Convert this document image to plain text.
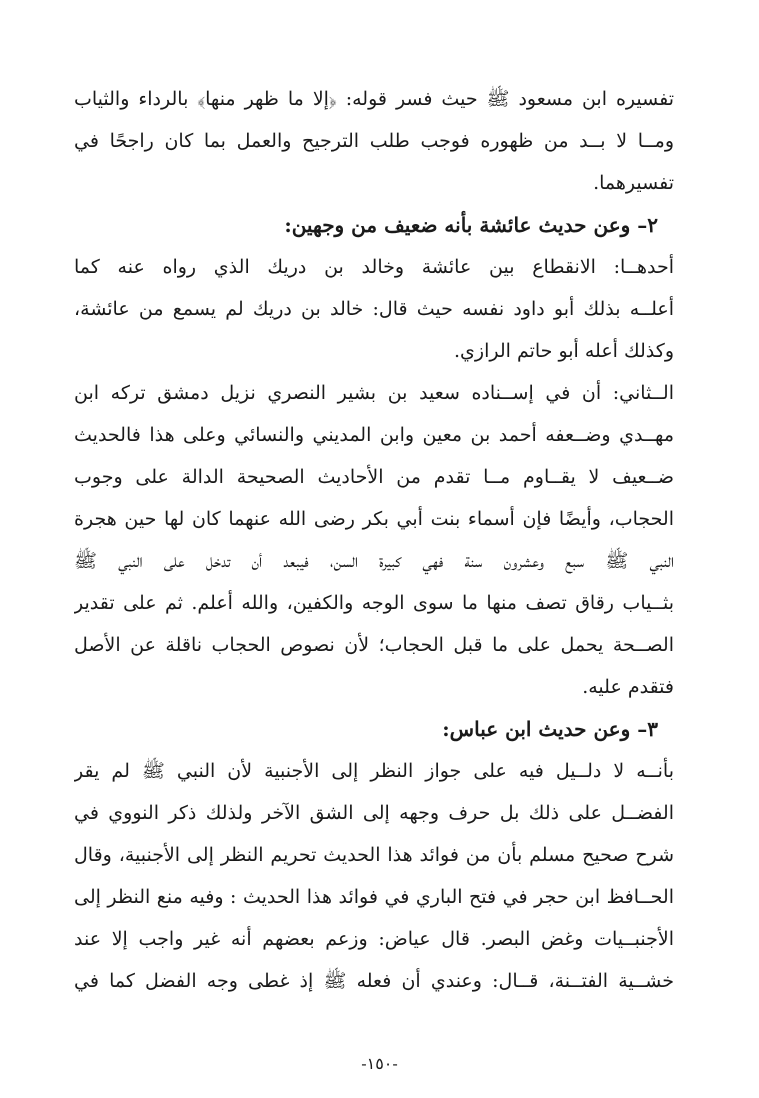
تفسيره ابن مسعود ﷺ حيث فسر قوله: ﴿إلا ما ظهر منها﴾ بالرداء والثياب
ومــا لا بــد من ظهوره فوجب طلب الترجيح والعمل بما كان راجحًا في
تفسيرهما.
٢– وعن حديث عائشة بأنه ضعيف من وجهين:
أحدهــا: الانقطاع بين عائشة وخالد بن دريك الذي رواه عنه كما
أعلــه بذلك أبو داود نفسه حيث قال: خالد بن دريك لم يسمع من عائشة،
وكذلك أعله أبو حاتم الرازي.
الــثاني: أن في إســناده سعيد بن بشير النصري نزيل دمشق تركه ابن
مهــدي وضــعفه أحمد بن معين وابن المديني والنسائي وعلى هذا فالحديث
ضــعيف لا يقــاوم مــا تقدم من الأحاديث الصحيحة الدالة على وجوب
الحجاب، وأيضًا فإن أسماء بنت أبي بكر رضى الله عنهما كان لها حين هجرة
النبي ﷺ سبع وعشرون سنة فهي كبيرة السن، فيبعد أن تدخل على النبي ﷺ
بثــياب رقاق تصف منها ما سوى الوجه والكفين، والله أعلم. ثم على تقدير
الصــحة يحمل على ما قبل الحجاب؛ لأن نصوص الحجاب ناقلة عن الأصل
فتقدم عليه.
٣– وعن حديث ابن عباس:
بأنــه لا دلــيل فيه على جواز النظر إلى الأجنبية لأن النبي ﷺ لم يقر
الفضــل على ذلك بل حرف وجهه إلى الشق الآخر ولذلك ذكر النووي في
شرح صحيح مسلم بأن من فوائد هذا الحديث تحريم النظر إلى الأجنبية، وقال
الحــافظ ابن حجر في فتح الباري في فوائد هذا الحديث : وفيه منع النظر إلى
الأجنبــيات وغض البصر. قال عياض: وزعم بعضهم أنه غير واجب إلا عند
خشــية الفتــنة، قــال: وعندي أن فعله ﷺ إذ غطى وجه الفضل كما في
-١٥٠-
